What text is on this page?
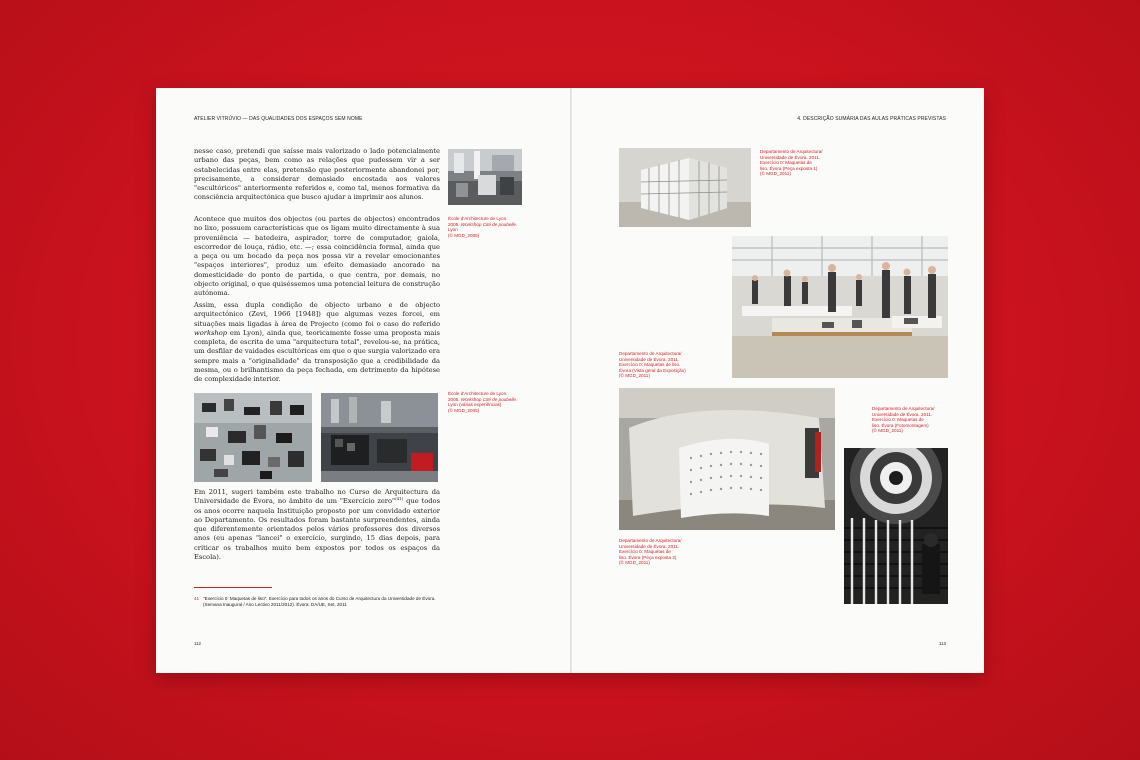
ATELIER VITRÚVIO — DAS QUALIDADES DOS ESPAÇOS SEM NOME

nesse caso, pretendi que saísse mais valorizado o lado potencialmente urbano das peças, bem como as relações que pudessem vir a ser estabelecidas entre elas, pretensão que posteriormente abandonei por, precisamente, a considerar demasiado encostada aos valores "escultóricos" anteriormente referidos e, como tal, menos formativa da consciência arquitectónica que busco ajudar a imprimir aos alunos.

Acontece que muitos dos objectos (ou partes de objectos) encontrados no lixo, possuem características que os ligam muito directamente à sua proveniência — batedeira, aspirador, torre de computador, gaiola, escorredor de louça, rádio, etc. —; essa coincidência formal, ainda que a peça ou um bocado da peça nos possa vir a revelar emocionantes "espaços interiores", produz um efeito demasiado ancorado na domesticidade do ponto de partida, o que centra, por demais, no objecto original, o que quiséssemos uma potencial leitura de construção autónoma.

Assim, essa dupla condição de objecto urbano e de objecto arquitectónico (Zevi, 1966 [1948]) que algumas vezes forcei, em situações mais ligadas à área de Projecto (como foi o caso do referido workshop em Lyon), ainda que, teoricamente fosse uma proposta mais completa, de escrita de uma "arquitectura total", revelou-se, na prática, um desfilar de vaidades escultóricas em que o que surgia valorizado era sempre mais a "originalidade" da transposição que a credibilidade da mesma, ou o brilhantismo da peça fechada, em detrimento da hipótese de complexidade interior.

Em 2011, sugeri também este trabalho no Curso de Arquitectura da Universidade de Évora, no âmbito de um "Exercício zero"$^{(41)}$ que todos os anos ocorre naquela Instituição proposto por um convidado exterior ao Departamento. Os resultados foram bastante surpreendentes, ainda que diferentemente orientados pelos vários professores dos diversos anos (eu apenas "lancei" o exercício, surgindo, 15 dias depois, para criticar os trabalhos muito bem expostos por todos os espaços da Escola).

École d'Architecture de Lyon.
2005. Workshop Cité de poubelle.
Lyon
(© MGD_2005)
École d'Architecture de Lyon.
2005. Workshop Cité de poubelle.
Lyon (várias experiências)
(© MGD_2005)
41 "Exercício 0: Maquetas de liso". Exercício para todos os anos do Curso de Arquitectura da Universidade de Évora. (Semana Inaugural / Ano Lectivo 2011/2012). Évora: DA/UE, Set, 2011
112
4. DESCRIÇÃO SUMÁRIA DAS AULAS PRÁTICAS PREVISTAS
Departamento de Arquitectura/
Universidade de Évora. 2011.
Exercício 0: Maquetas de
liso. Évora (Peça exposta 1)
(© MGD_2011)
Departamento de Arquitectura/
Universidade de Évora. 2011.
Exercício 0: Maquetas de liso.
Évora (Vista geral da Exposição)
(© MGD_2011)
Departamento de Arquitectura/
Universidade de Évora. 2011.
Exercício 0: Maquetas de
liso. Évora (Peça exposta 2)
(© MGD_2011)
Departamento de Arquitectura/
Universidade de Évora. 2011.
Exercício 0: Maquetas de
liso. Évora (Fotomontagem)
(© MGD_2011)
113
